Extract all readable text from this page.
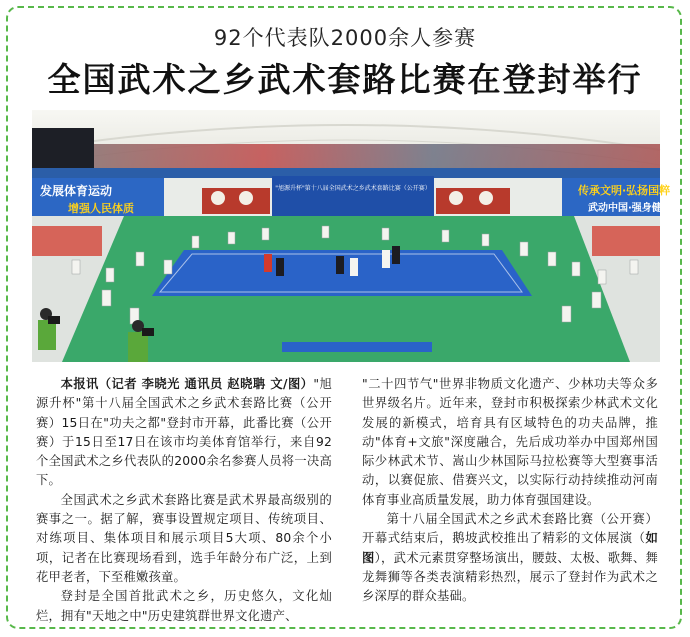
92个代表队2000余人参赛
全国武术之乡武术套路比赛在登封举行
发展体育运动
增强人民体质
"旭源升杯"第十八届全国武术之乡武术套路比赛（公开赛）	传承文明·弘扬国粹
武动中国·强身健体

本报讯（记者 李晓光 通讯员 赵晓聃 文/图）"旭源升杯"第十八届全国武术之乡武术套路比赛（公开赛）15日在"功夫之都"登封市开幕，此番比赛（公开赛）于15日至17日在该市均美体育馆举行，来自92个全国武术之乡代表队的2000余名参赛人员将一决高下。

全国武术之乡武术套路比赛是武术界最高级别的赛事之一。据了解，赛事设置规定项目、传统项目、对练项目、集体项目和展示项目5大项、80余个小项，记者在比赛现场看到，选手年龄分布广泛，上到花甲老者，下至稚嫩孩童。

登封是全国首批武术之乡，历史悠久，文化灿烂，拥有"天地之中"历史建筑群世界文化遗产、

"二十四节气"世界非物质文化遗产、少林功夫等众多世界级名片。近年来，登封市积极探索少林武术文化发展的新模式，培育具有区域特色的功夫品牌，推动"体育+文旅"深度融合，先后成功举办中国郑州国际少林武术节、嵩山少林国际马拉松赛等大型赛事活动，以赛促旅、借赛兴文，以实际行动持续推动河南体育事业高质量发展，助力体育强国建设。

第十八届全国武术之乡武术套路比赛（公开赛）开幕式结束后，鹅坡武校推出了精彩的文体展演（如图），武术元素贯穿整场演出，腰鼓、太极、歌舞、舞龙舞狮等各类表演精彩热烈，展示了登封作为武术之乡深厚的群众基础。
